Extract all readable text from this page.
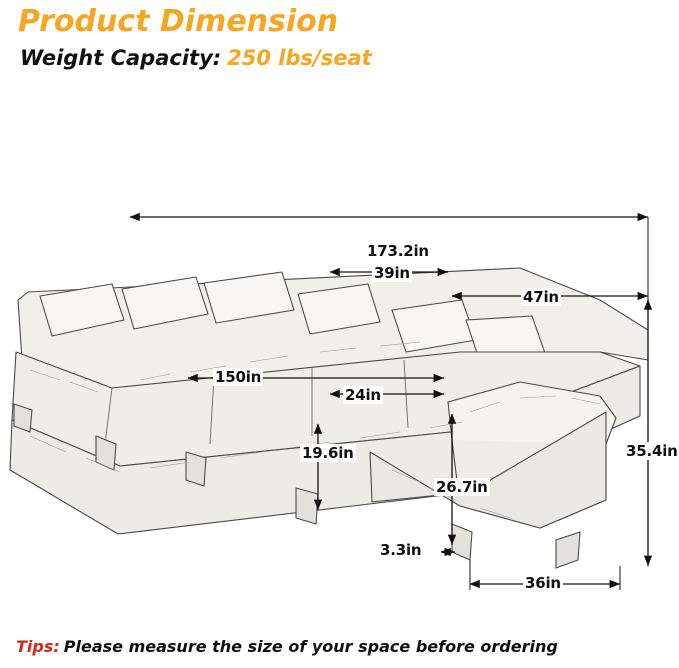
Product Dimension
Weight Capacity: 250 lbs/seat
173.2in
39in
47in
150in
24in
19.6in
26.7in
35.4in
3.3in
36in
Tips: Please measure the size of your space before ordering
